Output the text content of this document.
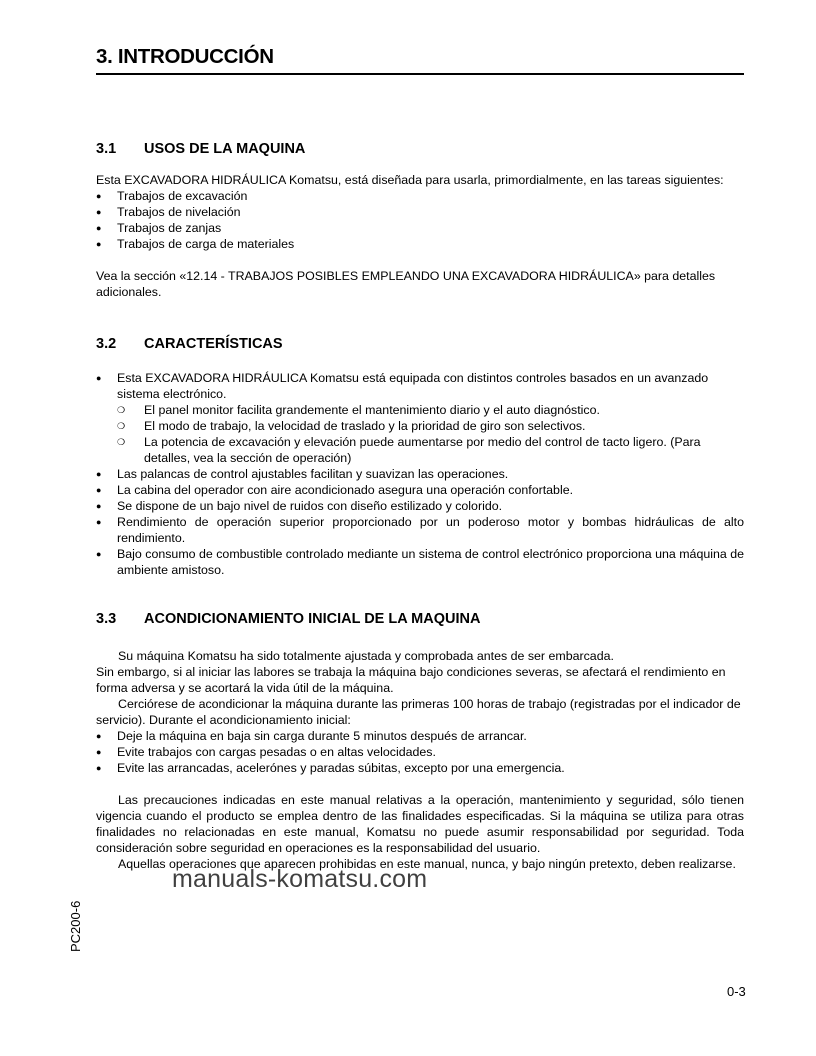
3. INTRODUCCIÓN
3.1 USOS DE LA MAQUINA

Esta EXCAVADORA HIDRÁULICA Komatsu, está diseñada para usarla, primordialmente, en las tareas siguientes:

● Trabajos de excavación
● Trabajos de nivelación
● Trabajos de zanjas
● Trabajos de carga de materiales

Vea la sección «12.14 - TRABAJOS POSIBLES EMPLEANDO UNA EXCAVADORA HIDRÁULICA» para detalles adicionales.

3.2 CARACTERÍSTICAS
● Esta EXCAVADORA HIDRÁULICA Komatsu está equipada con distintos controles basados en un avanzado sistema electrónico.
❍ El panel monitor facilita grandemente el mantenimiento diario y el auto diagnóstico.
❍ El modo de trabajo, la velocidad de traslado y la prioridad de giro son selectivos.
❍ La potencia de excavación y elevación puede aumentarse por medio del control de tacto ligero. (Para detalles, vea la sección de operación)
● Las palancas de control ajustables facilitan y suavizan las operaciones.
● La cabina del operador con aire acondicionado asegura una operación confortable.
● Se dispone de un bajo nivel de ruidos con diseño estilizado y colorido.
● Rendimiento de operación superior proporcionado por un poderoso motor y bombas hidráulicas de alto rendimiento.
● Bajo consumo de combustible controlado mediante un sistema de control electrónico proporciona una máquina de ambiente amistoso.
3.3 ACONDICIONAMIENTO INICIAL DE LA MAQUINA

Su máquina Komatsu ha sido totalmente ajustada y comprobada antes de ser embarcada.

Sin embargo, si al iniciar las labores se trabaja la máquina bajo condiciones severas, se afectará el rendimiento en forma adversa y se acortará la vida útil de la máquina.

Cerciórese de acondicionar la máquina durante las primeras 100 horas de trabajo (registradas por el indicador de servicio). Durante el acondicionamiento inicial:

● Deje la máquina en baja sin carga durante 5 minutos después de arrancar.
● Evite trabajos con cargas pesadas o en altas velocidades.
● Evite las arrancadas, acelerónes y paradas súbitas, excepto por una emergencia.

Las precauciones indicadas en este manual relativas a la operación, mantenimiento y seguridad, sólo tienen vigencia cuando el producto se emplea dentro de las finalidades especificadas. Si la máquina se utiliza para otras finalidades no relacionadas en este manual, Komatsu no puede asumir responsabilidad por seguridad. Toda consideración sobre seguridad en operaciones es la responsabilidad del usuario.

Aquellas operaciones que aparecen prohibidas en este manual, nunca, y bajo ningún pretexto, deben realizarse.

manuals-komatsu.com
PC200-6
0-3
